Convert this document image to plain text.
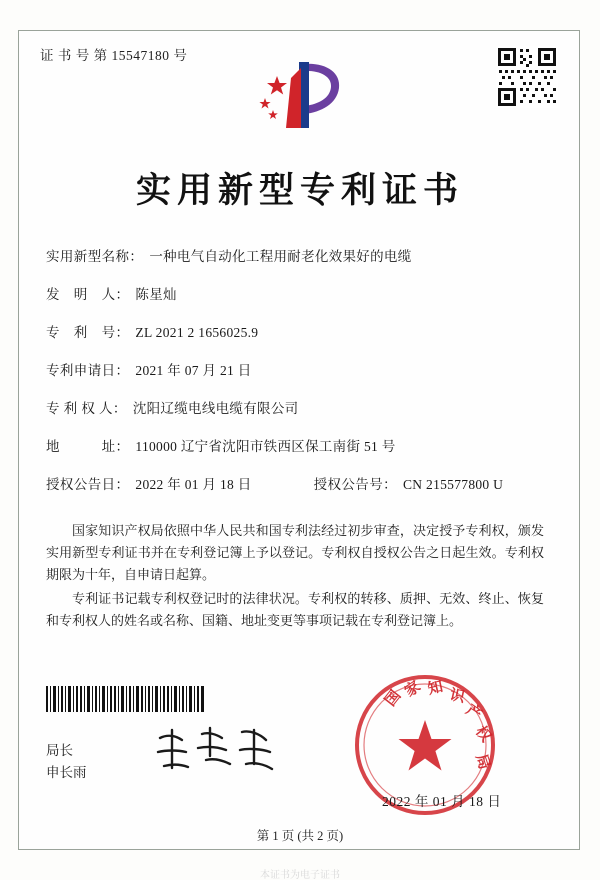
证 书 号 第 15547180 号
实用新型专利证书
实用新型名称： 一种电气自动化工程用耐老化效果好的电缆
发　明　人： 陈星灿
专　利　号： ZL 2021 2 1656025.9
专利申请日： 2021 年 07 月 21 日
专 利 权 人： 沈阳辽缆电线电缆有限公司
地　　　址： 110000 辽宁省沈阳市铁西区保工南街 51 号
授权公告日： 2022 年 01 月 18 日	授权公告号： CN 215577800 U

国家知识产权局依照中华人民共和国专利法经过初步审查，决定授予专利权，颁发实用新型专利证书并在专利登记簿上予以登记。专利权自授权公告之日起生效。专利权期限为十年，自申请日起算。

专利证书记载专利权登记时的法律状况。专利权的转移、质押、无效、终止、恢复和专利权人的姓名或名称、国籍、地址变更等事项记载在专利登记簿上。

局长
申长雨
国
家 知 识
产
权
局
2022 年 01 月 18 日
第 1 页 (共 2 页)
本证书为电子证书
